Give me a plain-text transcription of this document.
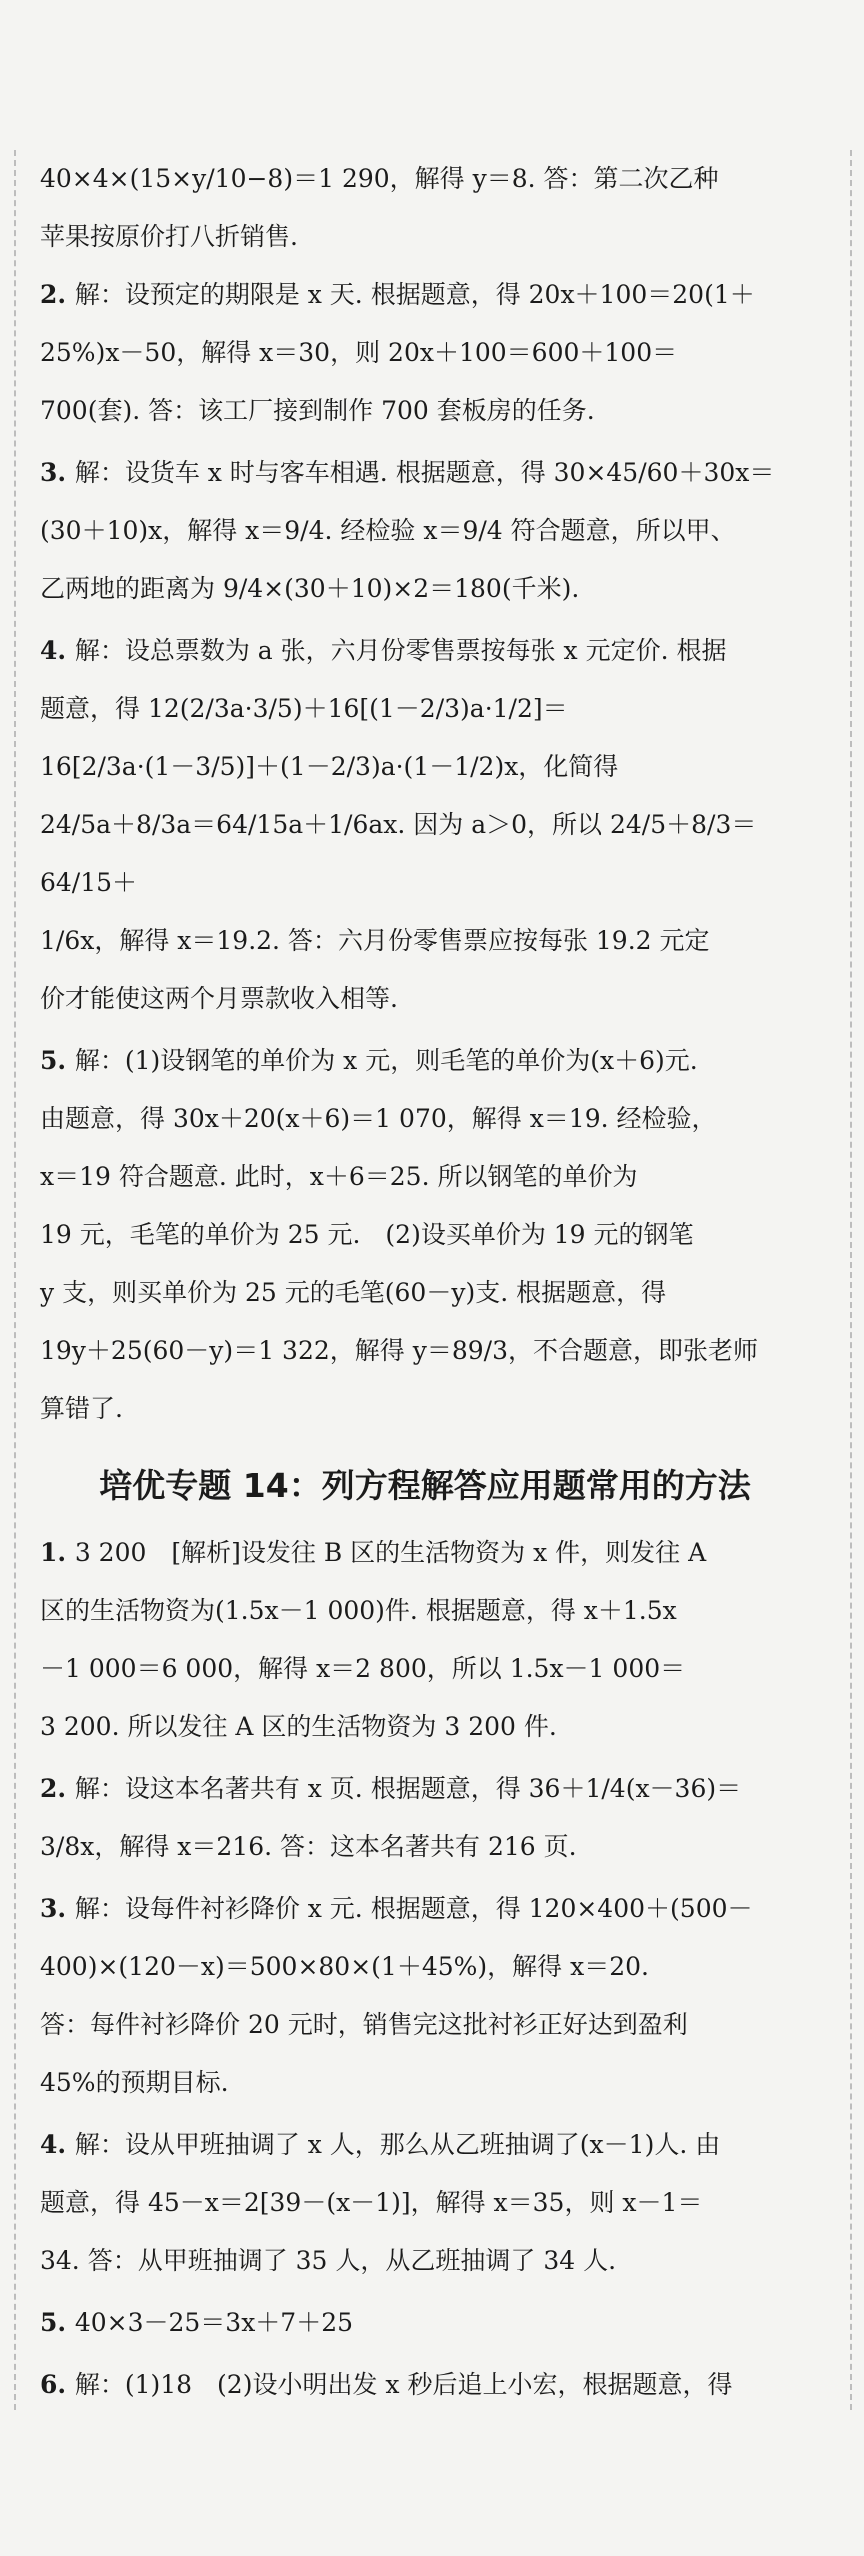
40×4×(15×y/10−8)＝1 290，解得 y＝8. 答：第二次乙种

苹果按原价打八折销售.

2. 解：设预定的期限是 x 天. 根据题意，得 20x＋100＝20(1＋

25%)x－50，解得 x＝30，则 20x＋100＝600＋100＝

700(套). 答：该工厂接到制作 700 套板房的任务.

3. 解：设货车 x 时与客车相遇. 根据题意，得 30×45/60＋30x＝

(30＋10)x，解得 x＝9/4. 经检验 x＝9/4 符合题意，所以甲、

乙两地的距离为 9/4×(30＋10)×2＝180(千米).

4. 解：设总票数为 a 张，六月份零售票按每张 x 元定价. 根据

题意，得 12(2/3a·3/5)＋16[(1－2/3)a·1/2]＝

16[2/3a·(1－3/5)]＋(1－2/3)a·(1－1/2)x，化简得

24/5a＋8/3a＝64/15a＋1/6ax. 因为 a＞0，所以 24/5＋8/3＝64/15＋

1/6x，解得 x＝19.2. 答：六月份零售票应按每张 19.2 元定

价才能使这两个月票款收入相等.

5. 解：(1)设钢笔的单价为 x 元，则毛笔的单价为(x＋6)元.

由题意，得 30x＋20(x＋6)＝1 070，解得 x＝19. 经检验，

x＝19 符合题意. 此时，x＋6＝25. 所以钢笔的单价为

19 元，毛笔的单价为 25 元.　(2)设买单价为 19 元的钢笔

y 支，则买单价为 25 元的毛笔(60－y)支. 根据题意，得

19y＋25(60－y)＝1 322，解得 y＝89/3，不合题意，即张老师

算错了.

培优专题 14：列方程解答应用题常用的方法

1. 3 200　[解析]设发往 B 区的生活物资为 x 件，则发往 A

区的生活物资为(1.5x－1 000)件. 根据题意，得 x＋1.5x

－1 000＝6 000，解得 x＝2 800，所以 1.5x－1 000＝

3 200. 所以发往 A 区的生活物资为 3 200 件.

2. 解：设这本名著共有 x 页. 根据题意，得 36＋1/4(x－36)＝

3/8x，解得 x＝216. 答：这本名著共有 216 页.

3. 解：设每件衬衫降价 x 元. 根据题意，得 120×400＋(500－

400)×(120－x)＝500×80×(1＋45%)，解得 x＝20.

答：每件衬衫降价 20 元时，销售完这批衬衫正好达到盈利

45%的预期目标.

4. 解：设从甲班抽调了 x 人，那么从乙班抽调了(x－1)人. 由

题意，得 45－x＝2[39－(x－1)]，解得 x＝35，则 x－1＝

34. 答：从甲班抽调了 35 人，从乙班抽调了 34 人.

5. 40×3－25＝3x＋7＋25

6. 解：(1)18　(2)设小明出发 x 秒后追上小宏，根据题意，得
